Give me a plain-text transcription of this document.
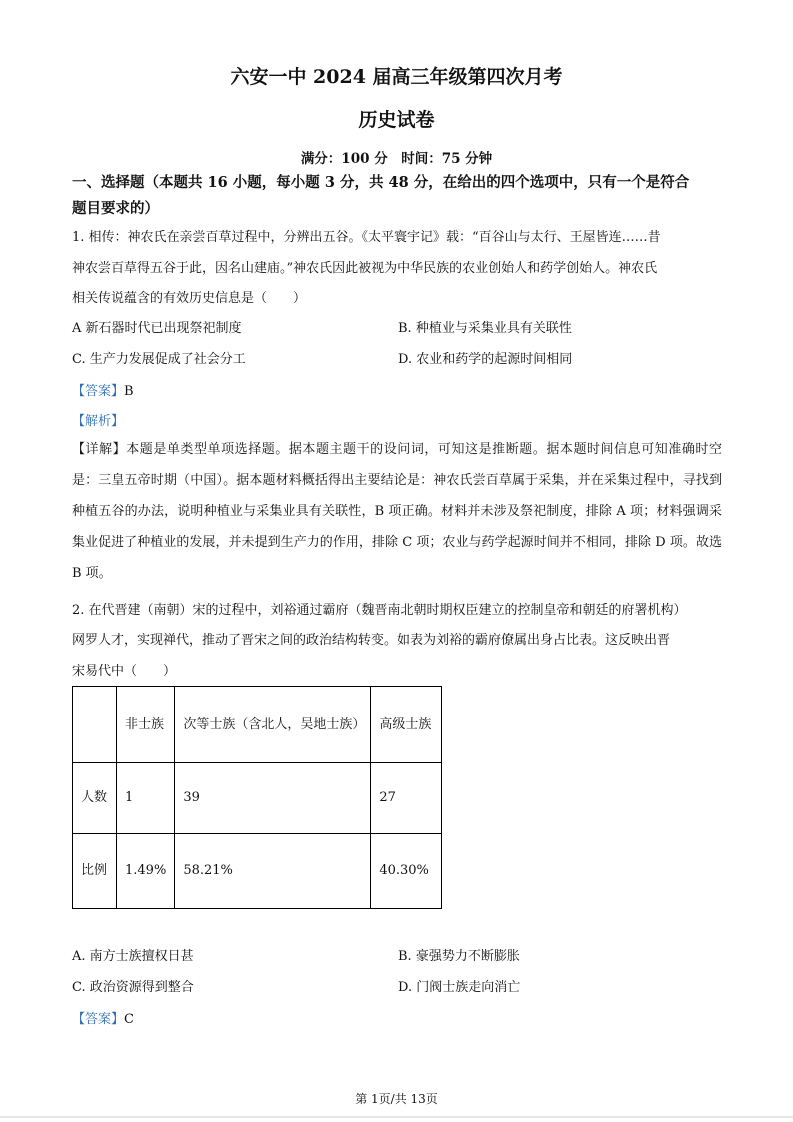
六安一中 2024 届高三年级第四次月考
历史试卷
满分：100 分　时间：75 分钟
一、选择题（本题共 16 小题，每小题 3 分，共 48 分，在给出的四个选项中，只有一个是符合
题目要求的）
1. 相传：神农氏在亲尝百草过程中，分辨出五谷。《太平寰宇记》载：“百谷山与太行、王屋皆连……昔
神农尝百草得五谷于此，因名山建庙。”神农氏因此被视为中华民族的农业创始人和药学创始人。神农氏
相关传说蕴含的有效历史信息是（　　）
A 新石器时代已出现祭祀制度	B. 种植业与采集业具有关联性
C. 生产力发展促成了社会分工	D. 农业和药学的起源时间相同
【答案】B
【解析】
【详解】本题是单类型单项选择题。据本题主题干的设问词，可知这是推断题。据本题时间信息可知准确时空是：三皇五帝时期（中国）。据本题材料概括得出主要结论是：神农氏尝百草属于采集，并在采集过程中，寻找到种植五谷的办法，说明种植业与采集业具有关联性，B 项正确。材料并未涉及祭祀制度，排除 A 项；材料强调采集业促进了种植业的发展，并未提到生产力的作用，排除 C 项；农业与药学起源时间并不相同，排除 D 项。故选 B 项。
2. 在代晋建（南朝）宋的过程中，刘裕通过霸府（魏晋南北朝时期权臣建立的控制皇帝和朝廷的府署机构）
网罗人才，实现禅代，推动了晋宋之间的政治结构转变。如表为刘裕的霸府僚属出身占比表。这反映出晋
宋易代中（　　）
	非士族	次等士族（含北人，吴地士族）	高级士族
人数	1	39	27
比例	1.49%	58.21%	40.30%
A. 南方士族擅权日甚	B. 豪强势力不断膨胀
C. 政治资源得到整合	D. 门阀士族走向消亡
【答案】C
第 1页/共 13页
